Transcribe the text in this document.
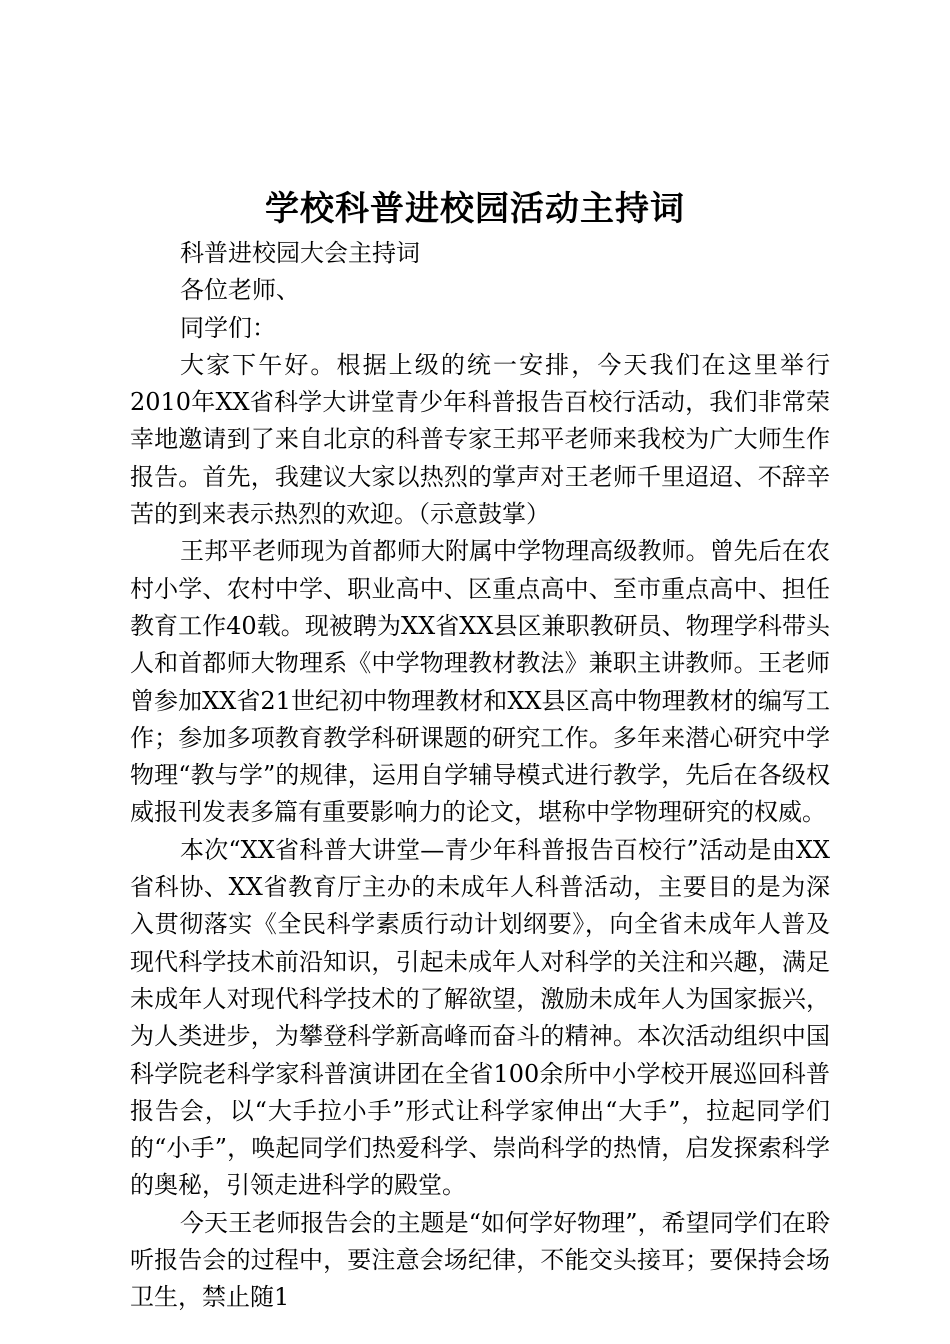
学校科普进校园活动主持词

科普进校园大会主持词

各位老师、

同学们：

大家下午好。根据上级的统一安排，今天我们在这里举行2010年XX省科学大讲堂青少年科普报告百校行活动，我们非常荣幸地邀请到了来自北京的科普专家王邦平老师来我校为广大师生作报告。首先，我建议大家以热烈的掌声对王老师千里迢迢、不辞辛苦的到来表示热烈的欢迎。（示意鼓掌）

王邦平老师现为首都师大附属中学物理高级教师。曾先后在农村小学、农村中学、职业高中、区重点高中、至市重点高中、担任教育工作40载。现被聘为XX省XX县区兼职教研员、物理学科带头人和首都师大物理系《中学物理教材教法》兼职主讲教师。王老师曾参加XX省21世纪初中物理教材和XX县区高中物理教材的编写工作；参加多项教育教学科研课题的研究工作。多年来潜心研究中学物理“教与学”的规律，运用自学辅导模式进行教学，先后在各级权威报刊发表多篇有重要影响力的论文，堪称中学物理研究的权威。

本次“XX省科普大讲堂—青少年科普报告百校行”活动是由XX省科协、XX省教育厅主办的未成年人科普活动，主要目的是为深入贯彻落实《全民科学素质行动计划纲要》，向全省未成年人普及现代科学技术前沿知识，引起未成年人对科学的关注和兴趣，满足未成年人对现代科学技术的了解欲望，激励未成年人为国家振兴，为人类进步，为攀登科学新高峰而奋斗的精神。本次活动组织中国科学院老科学家科普演讲团在全省100余所中小学校开展巡回科普报告会，以“大手拉小手”形式让科学家伸出“大手”，拉起同学们的“小手”，唤起同学们热爱科学、崇尚科学的热情，启发探索科学的奥秘，引领走进科学的殿堂。

今天王老师报告会的主题是“如何学好物理”，希望同学们在聆听报告会的过程中，要注意会场纪律，不能交头接耳；要保持会场卫生，禁止随1
